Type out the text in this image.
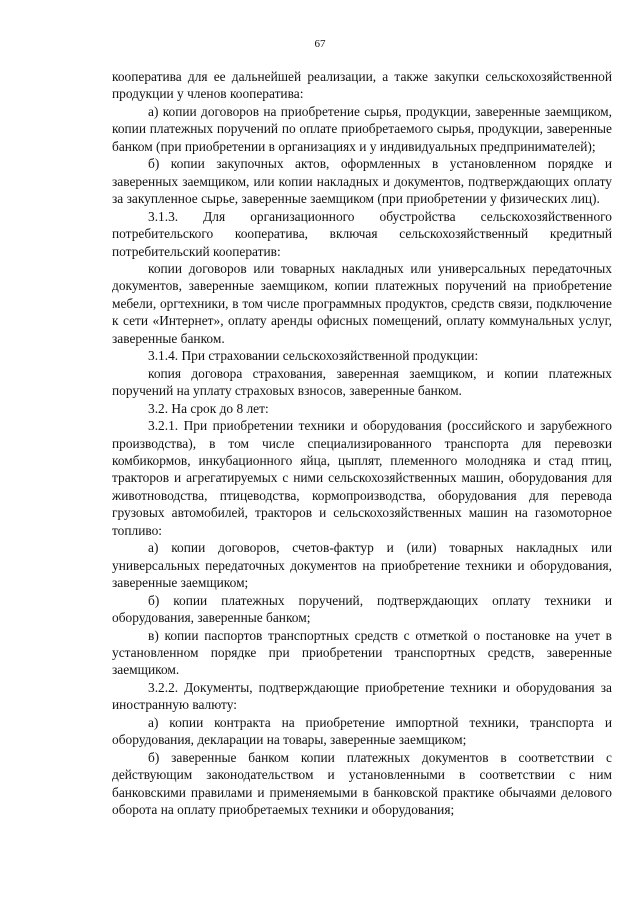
67

кооператива для ее дальнейшей реализации, а также закупки сельскохозяйственной продукции у членов кооператива:

а) копии договоров на приобретение сырья, продукции, заверенные заемщиком, копии платежных поручений по оплате приобретаемого сырья, продукции, заверенные банком (при приобретении в организациях и у индивидуальных предпринимателей);

б) копии закупочных актов, оформленных в установленном порядке и заверенных заемщиком, или копии накладных и документов, подтверждающих оплату за закупленное сырье, заверенные заемщиком (при приобретении у физических лиц).

3.1.3. Для организационного обустройства сельскохозяйственного потребительского кооператива, включая сельскохозяйственный кредитный потребительский кооператив:

копии договоров или товарных накладных или универсальных передаточных документов, заверенные заемщиком, копии платежных поручений на приобретение мебели, оргтехники, в том числе программных продуктов, средств связи, подключение к сети «Интернет», оплату аренды офисных помещений, оплату коммунальных услуг, заверенные банком.

3.1.4. При страховании сельскохозяйственной продукции:

копия договора страхования, заверенная заемщиком, и копии платежных поручений на уплату страховых взносов, заверенные банком.

3.2. На срок до 8 лет:

3.2.1. При приобретении техники и оборудования (российского и зарубежного производства), в том числе специализированного транспорта для перевозки комбикормов, инкубационного яйца, цыплят, племенного молодняка и стад птиц, тракторов и агрегатируемых с ними сельскохозяйственных машин, оборудования для животноводства, птицеводства, кормопроизводства, оборудования для перевода грузовых автомобилей, тракторов и сельскохозяйственных машин на газомоторное топливо:

а) копии договоров, счетов-фактур и (или) товарных накладных или универсальных передаточных документов на приобретение техники и оборудования, заверенные заемщиком;

б) копии платежных поручений, подтверждающих оплату техники и оборудования, заверенные банком;

в) копии паспортов транспортных средств с отметкой о постановке на учет в установленном порядке при приобретении транспортных средств, заверенные заемщиком.

3.2.2. Документы, подтверждающие приобретение техники и оборудования за иностранную валюту:

а) копии контракта на приобретение импортной техники, транспорта и оборудования, декларации на товары, заверенные заемщиком;

б) заверенные банком копии платежных документов в соответствии с действующим законодательством и установленными в соответствии с ним банковскими правилами и применяемыми в банковской практике обычаями делового оборота на оплату приобретаемых техники и оборудования;
